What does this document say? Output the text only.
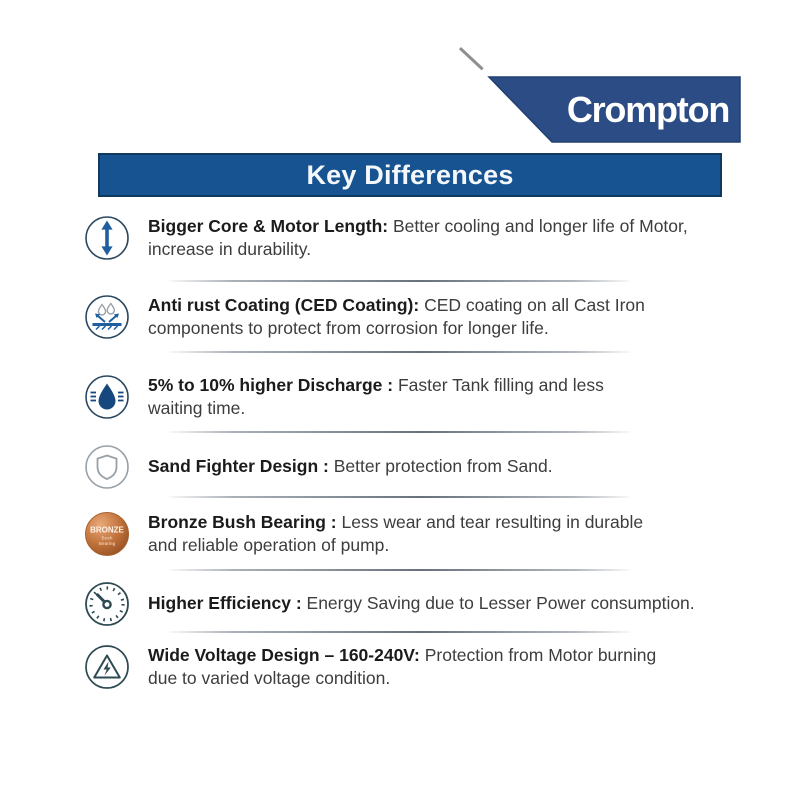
Crompton
Key Differences
Bigger Core & Motor Length: Better cooling and longer life of Motor,
increase in durability.
Anti rust Coating (CED Coating): CED coating on all Cast Iron
components to protect from corrosion for longer life.
5% to 10% higher Discharge : Faster Tank filling and less
waiting time.
Sand Fighter Design : Better protection from Sand.
BRONZE
Bush
Bearing
Bronze Bush Bearing : Less wear and tear resulting in durable
and reliable operation of pump.
Higher Efficiency : Energy Saving due to Lesser Power consumption.
Wide Voltage Design – 160-240V: Protection from Motor burning
due to varied voltage condition.
